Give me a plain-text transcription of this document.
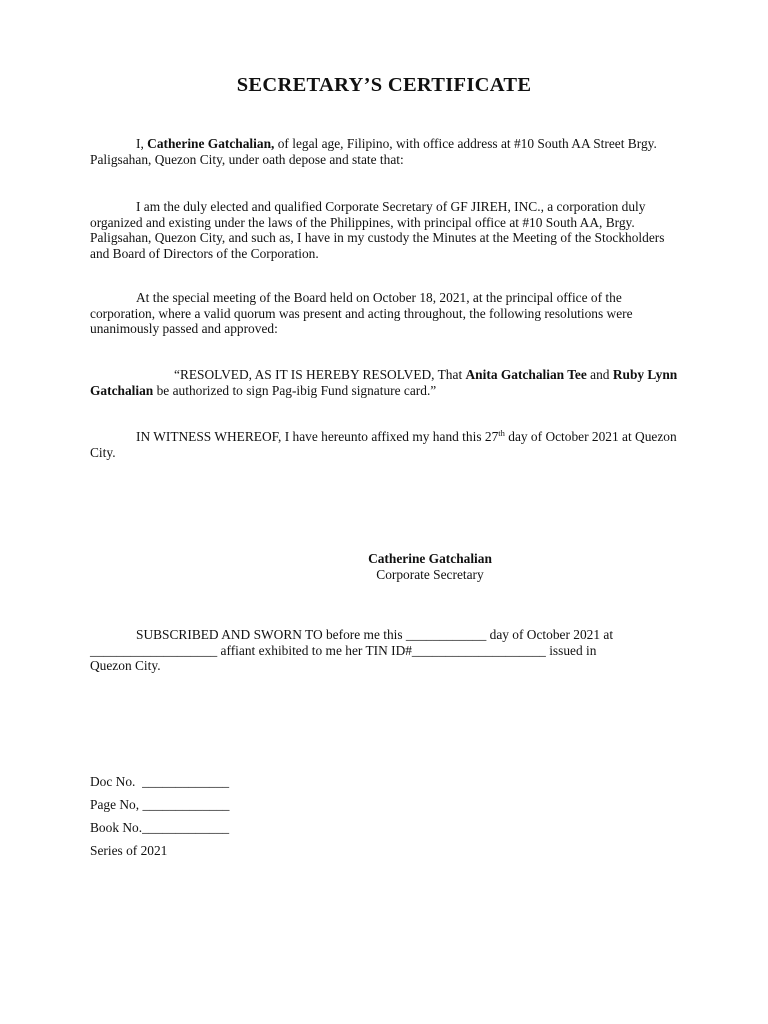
SECRETARY’S CERTIFICATE

I, Catherine Gatchalian, of legal age, Filipino, with office address at #10 South AA Street Brgy. Paligsahan, Quezon City, under oath depose and state that:

I am the duly elected and qualified Corporate Secretary of GF JIREH, INC., a corporation duly organized and existing under the laws of the Philippines, with principal office at #10 South AA, Brgy. Paligsahan, Quezon City, and such as, I have in my custody the Minutes at the Meeting of the Stockholders and Board of Directors of the Corporation.

At the special meeting of the Board held on October 18, 2021, at the principal office of the corporation, where a valid quorum was present and acting throughout, the following resolutions were unanimously passed and approved:

“RESOLVED, AS IT IS HEREBY RESOLVED, That Anita Gatchalian Tee and Ruby Lynn Gatchalian be authorized to sign Pag-ibig Fund signature card.”

IN WITNESS WHEREOF, I have hereunto affixed my hand this 27th day of October 2021 at Quezon City.

Catherine Gatchalian
Corporate Secretary
SUBSCRIBED AND SWORN TO before me this ____________ day of October 2021 at
___________________ affiant exhibited to me her TIN ID#____________________ issued in
Quezon City.
Doc No.  _____________
Page No, _____________
Book No._____________
Series of 2021
